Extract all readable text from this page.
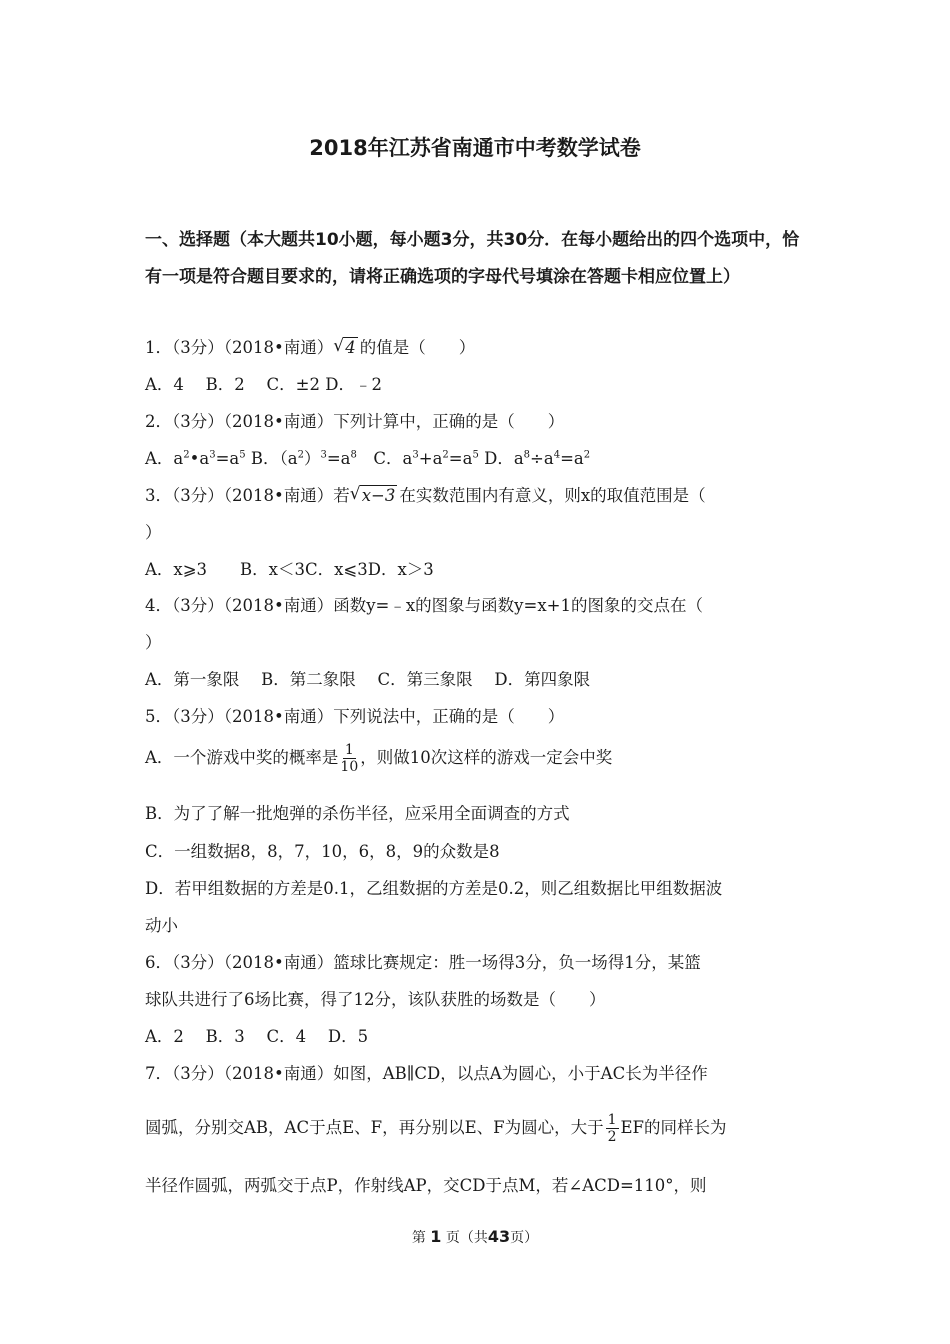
2018年江苏省南通市中考数学试卷
一、选择题（本大题共10小题，每小题3分，共30分．在每小题给出的四个选项中，恰有一项是符合题目要求的，请将正确选项的字母代号填涂在答题卡相应位置上）
1．（3分）（2018•南通） √ 4 的值是（　　）
A．4　 B．2　 C．±2 D．﹣2
2．（3分）（2018•南通）下列计算中，正确的是（　　）
A．$a^2•a^3=a^5$ B．$(a^2)^3=a^8$　C．$a^3+a^2=a^5$ D．$a^8\div a^4=a^2$
3．（3分）（2018•南通）若 √ x−3 在实数范围内有意义，则x的取值范围是（
）
A．x⩾3　　B．x＜3C．x⩽3D．x＞3
4．（3分）（2018•南通）函数y=﹣x的图象与函数y=x+1的图象的交点在（
）
A．第一象限　 B．第二象限　 C．第三象限　 D．第四象限
5．（3分）（2018•南通）下列说法中，正确的是（　　）
A．一个游戏中奖的概率是 $\frac{1}{10}$ ，则做10次这样的游戏一定会中奖
B．为了了解一批炮弹的杀伤半径，应采用全面调查的方式
C．一组数据8，8，7，10，6，8，9的众数是8
D．若甲组数据的方差是0.1，乙组数据的方差是0.2，则乙组数据比甲组数据波
动小
6．（3分）（2018•南通）篮球比赛规定：胜一场得3分，负一场得1分，某篮
球队共进行了6场比赛，得了12分，该队获胜的场数是（　　）
A．2　 B．3　 C．4　 D．5
7．（3分）（2018•南通）如图，AB∥CD，以点A为圆心，小于AC长为半径作
圆弧，分别交AB，AC于点E、F，再分别以E、F为圆心，大于 $\frac{1}{2}$ EF的同样长为
半径作圆弧，两弧交于点P，作射线AP，交CD于点M，若∠ACD=110°，则
第 1 页（共43页）
